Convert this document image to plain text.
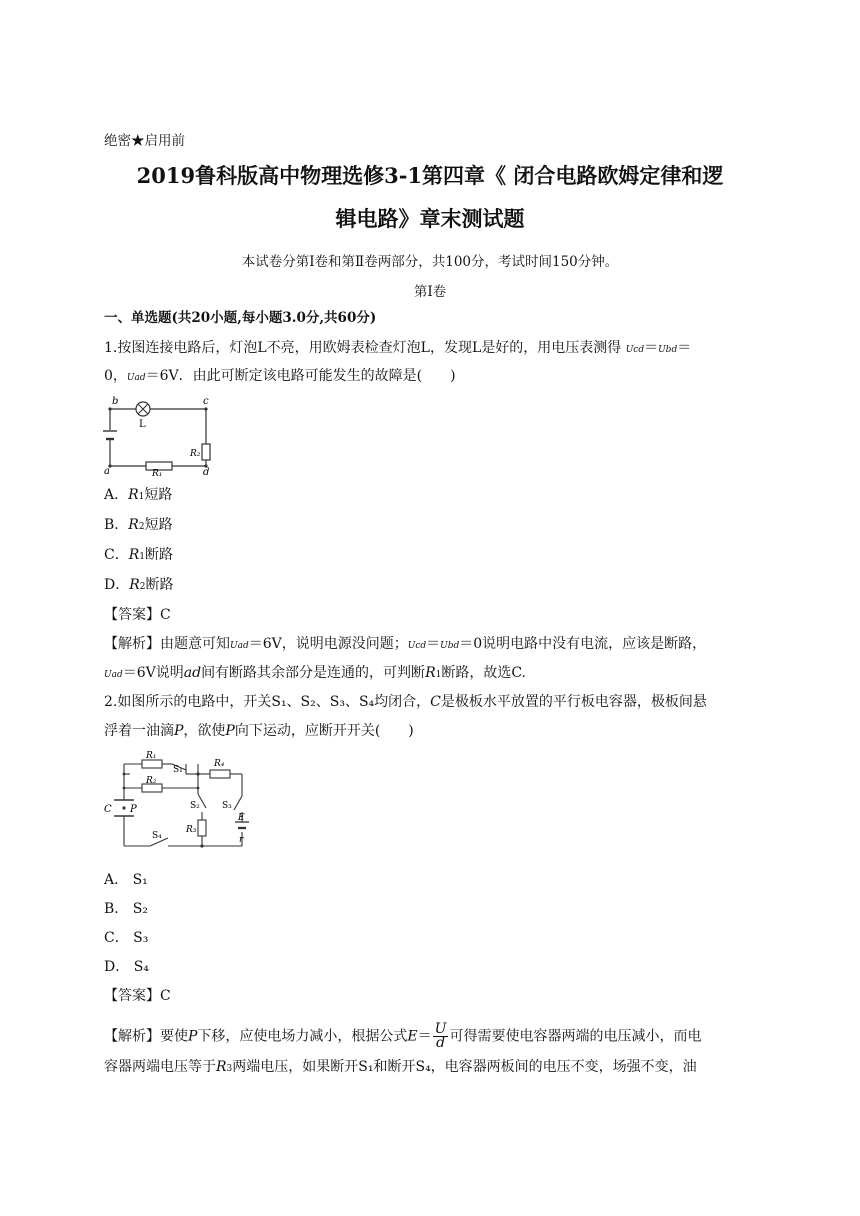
绝密★启用前
2019鲁科版高中物理选修3-1第四章《 闭合电路欧姆定律和逻
辑电路》章末测试题
本试卷分第Ⅰ卷和第Ⅱ卷两部分，共100分，考试时间150分钟。
第Ⅰ卷
一、单选题(共20小题,每小题3.0分,共60分)
1.按图连接电路后，灯泡L不亮，用欧姆表检查灯泡L，发现L是好的，用电压表测得 Ucd＝Ubd＝
0，Uad＝6V．由此可断定该电路可能发生的故障是(　　)
b	c
L
R₂
R₁
a	d
A．R1短路
B．R2短路
C．R1断路
D．R2断路
【答案】C
【解析】由题意可知Uad＝6V，说明电源没问题；Ucd＝Ubd＝0说明电路中没有电流，应该是断路，
Uad＝6V说明ad间有断路其余部分是连通的，可判断R1断路，故选C.
2.如图所示的电路中，开关S₁、S₂、S₃、S₄均闭合，C是极板水平放置的平行板电容器，极板间悬
浮着一油滴P，欲使P向下运动，应断开开关(　　)
R₁
S₁
R₂
R₄
S₂ S₃
R₃
C P
S₄
E
r
A． S₁
B． S₂
C． S₃
D． S₄
【答案】C
【解析】要使P下移，应使电场力减小，根据公式$E= \frac{U}{d}$ 可得需要使电容器两端的电压减小，而电
容器两端电压等于R3两端电压，如果断开S₁和断开S₄，电容器两板间的电压不变，场强不变，油
